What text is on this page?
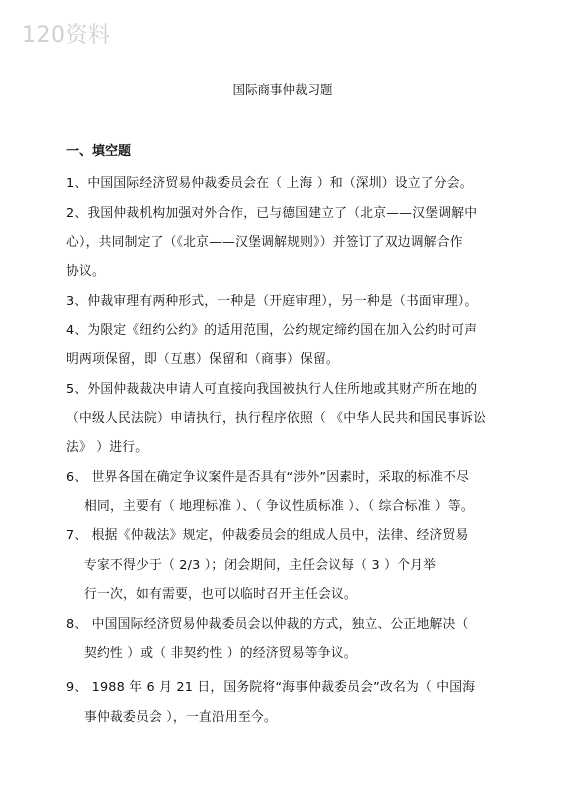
120资料
国际商事仲裁习题
一、填空题
1、中国国际经济贸易仲裁委员会在（ 上海 ）和（深圳）设立了分会。
2、我国仲裁机构加强对外合作，已与德国建立了（北京——汉堡调解中
心），共同制定了（《北京——汉堡调解规则》）并签订了双边调解合作
协议。
3、仲裁审理有两种形式，一种是（开庭审理），另一种是（书面审理）。
4、为限定《纽约公约》的适用范围，公约规定缔约国在加入公约时可声
明两项保留，即（互惠）保留和（商事）保留。
5、外国仲裁裁决申请人可直接向我国被执行人住所地或其财产所在地的
（中级人民法院）申请执行，执行程序依照（ 《中华人民共和国民事诉讼
法》 ）进行。
6、 世界各国在确定争议案件是否具有“涉外”因素时，采取的标准不尽
相同，主要有（ 地理标准 ）、（ 争议性质标准 ）、（ 综合标准 ）等。
7、 根据《仲裁法》规定，仲裁委员会的组成人员中，法律、经济贸易
专家不得少于（ 2/3 ）；闭会期间，主任会议每（ 3 ）个月举
行一次，如有需要，也可以临时召开主任会议。
8、 中国国际经济贸易仲裁委员会以仲裁的方式，独立、公正地解决（
契约性 ）或（ 非契约性 ）的经济贸易等争议。
9、 1988 年 6 月 21 日，国务院将“海事仲裁委员会”改名为（ 中国海
事仲裁委员会 ），一直沿用至今。
